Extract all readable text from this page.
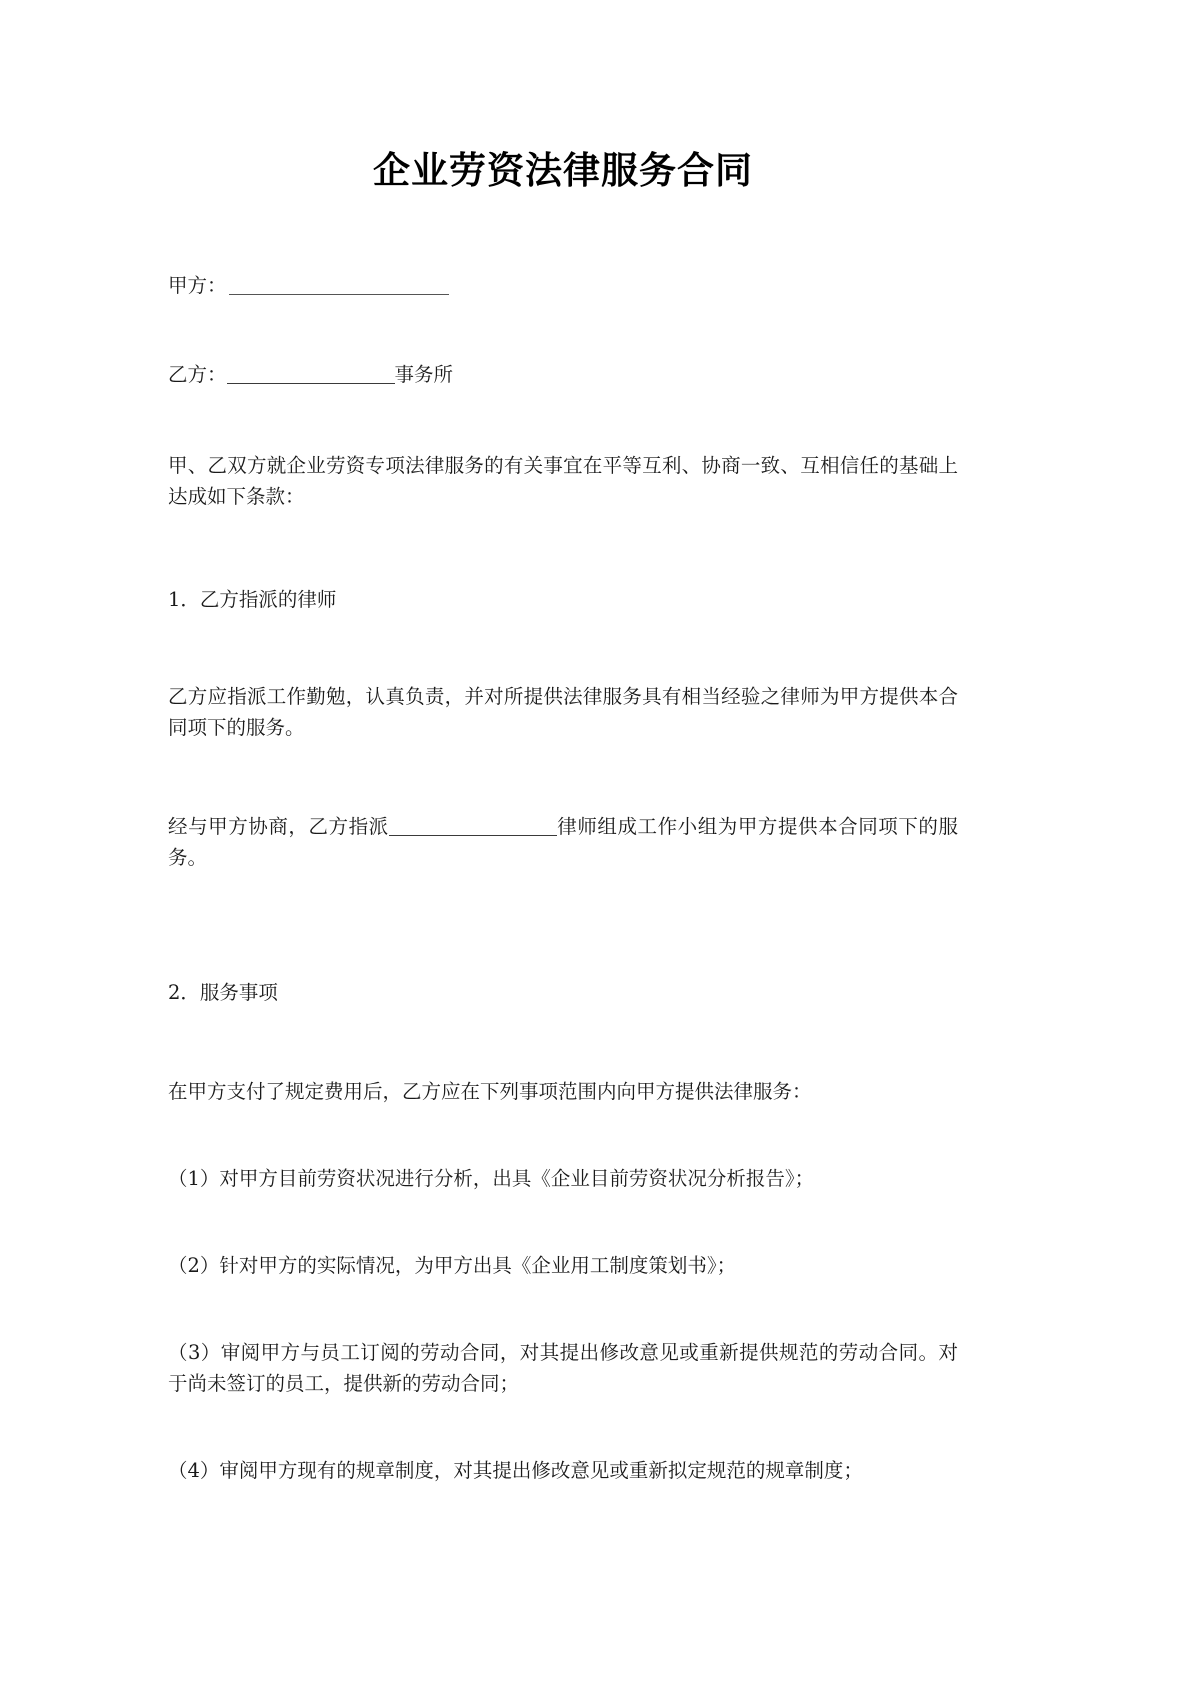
企业劳资法律服务合同

甲方：

乙方：	事务所

甲、乙双方就企业劳资专项法律服务的有关事宜在平等互利、协商一致、互相信任的基础上达成如下条款：

1．乙方指派的律师

乙方应指派工作勤勉，认真负责，并对所提供法律服务具有相当经验之律师为甲方提供本合同项下的服务。

经与甲方协商，乙方指派	律师组成工作小组为甲方提供本合同项下的服务。

2．服务事项

在甲方支付了规定费用后，乙方应在下列事项范围内向甲方提供法律服务：

（1）对甲方目前劳资状况进行分析，出具《企业目前劳资状况分析报告》；

（2）针对甲方的实际情况，为甲方出具《企业用工制度策划书》；

（3）审阅甲方与员工订阅的劳动合同，对其提出修改意见或重新提供规范的劳动合同。对于尚未签订的员工，提供新的劳动合同；

（4）审阅甲方现有的规章制度，对其提出修改意见或重新拟定规范的规章制度；
